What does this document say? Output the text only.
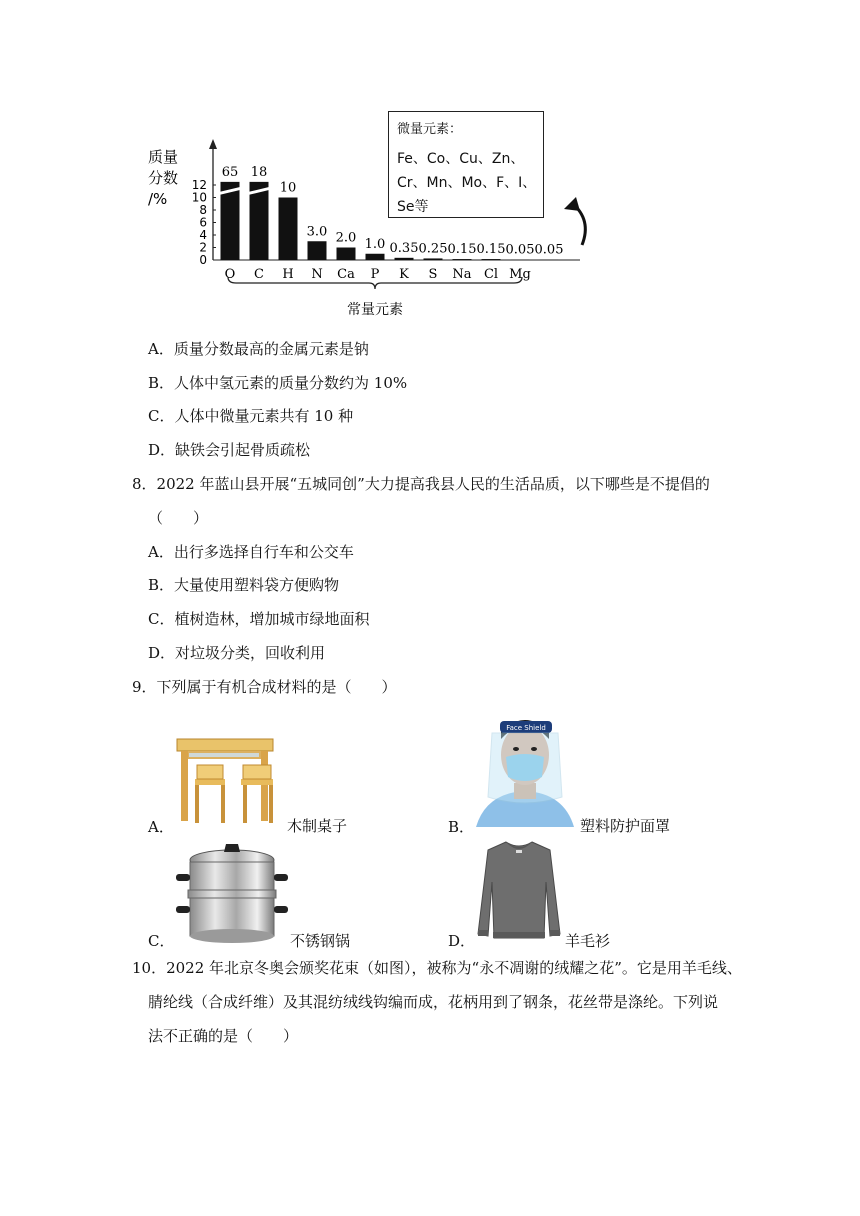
质量
分数
/%
0
2
4
6
8
10
12
65 18
10
3.0 2.0 1.0 0.35 0.25 0.15 0.15 0.05 0.05
O C H N Ca P K S Na Cl Mg
常量元素
微量元素：
Fe、Co、Cu、Zn、
Cr、Mn、Mo、F、I、
Se等
A．质量分数最高的金属元素是钠
B．人体中氢元素的质量分数约为 10%
C．人体中微量元素共有 10 种
D．缺铁会引起骨质疏松
8．2022 年蓝山县开展“五城同创”大力提高我县人民的生活品质，以下哪些是不提倡的
（　　）
A．出行多选择自行车和公交车
B．大量使用塑料袋方便购物
C．植树造林，增加城市绿地面积
D．对垃圾分类，回收利用
9．下列属于有机合成材料的是（　　）
A．	木制桌子	B．
Face Shield
塑料防护面罩
C．	不锈钢锅	D．	羊毛衫
10．2022 年北京冬奥会颁奖花束（如图），被称为“永不凋谢的绒耀之花”。它是用羊毛线、
腈纶线（合成纤维）及其混纺绒线钩编而成，花柄用到了钢条，花丝带是涤纶。下列说
法不正确的是（　　）
